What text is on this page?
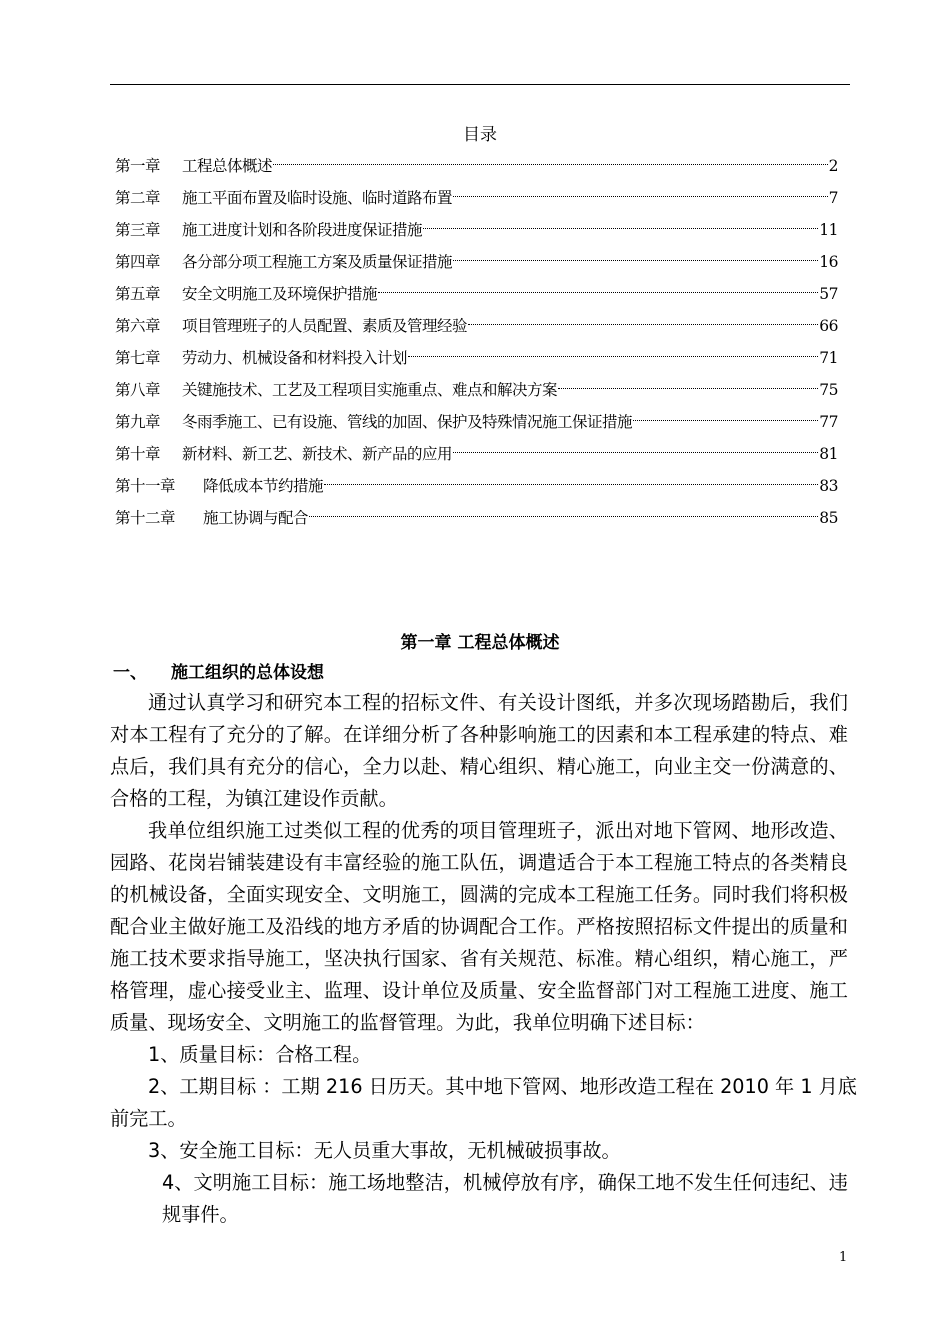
目录
第一章	工程总体概述	2
第二章	施工平面布置及临时设施、临时道路布置	7
第三章	施工进度计划和各阶段进度保证措施	11
第四章	各分部分项工程施工方案及质量保证措施	16
第五章	安全文明施工及环境保护措施	57
第六章	项目管理班子的人员配置、素质及管理经验	66
第七章	劳动力、机械设备和材料投入计划	71
第八章	关键施技术、工艺及工程项目实施重点、难点和解决方案	75
第九章	冬雨季施工、已有设施、管线的加固、保护及特殊情况施工保证措施	77
第十章	新材料、新工艺、新技术、新产品的应用	81
第十一章	降低成本节约措施	83
第十二章	施工协调与配合	85
第一章 工程总体概述
一、 施工组织的总体设想
通过认真学习和研究本工程的招标文件、有关设计图纸，并多次现场踏勘后，我们
对本工程有了充分的了解。在详细分析了各种影响施工的因素和本工程承建的特点、难
点后，我们具有充分的信心，全力以赴、精心组织、精心施工，向业主交一份满意的、
合格的工程，为镇江建设作贡献。
我单位组织施工过类似工程的优秀的项目管理班子，派出对地下管网、地形改造、
园路、花岗岩铺装建设有丰富经验的施工队伍，调遣适合于本工程施工特点的各类精良
的机械设备，全面实现安全、文明施工，圆满的完成本工程施工任务。同时我们将积极
配合业主做好施工及沿线的地方矛盾的协调配合工作。严格按照招标文件提出的质量和
施工技术要求指导施工，坚决执行国家、省有关规范、标准。精心组织，精心施工，严
格管理，虚心接受业主、监理、设计单位及质量、安全监督部门对工程施工进度、施工
质量、现场安全、文明施工的监督管理。为此，我单位明确下述目标：
1、质量目标：合格工程。
2、工期目标 ：工期 216 日历天。其中地下管网、地形改造工程在 2010 年 1 月底
前完工。
3、安全施工目标：无人员重大事故，无机械破损事故。
4、文明施工目标：施工场地整洁，机械停放有序，确保工地不发生任何违纪、违
规事件。
1
